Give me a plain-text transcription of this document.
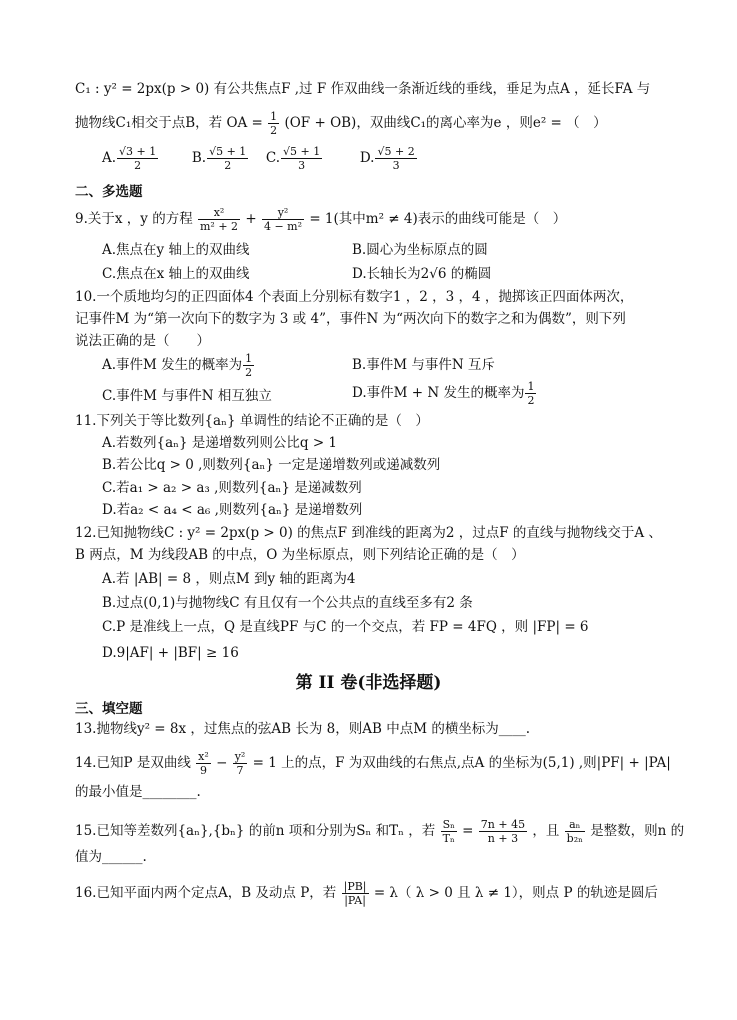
C₁ : y² = 2px(p > 0) 有公共焦点F ,过 F 作双曲线一条渐近线的垂线，垂足为点A ，延长FA 与
抛物线C₁相交于点B，若 OA = $\frac{1}{2} (OF + OB)$，双曲线C₁的离心率为e ，则e² = （　）
A. $\frac{√3 + 1}{2} B$. $\frac{√5 + 1}{2} C$. $\frac{√5 + 1}{3}$	D. $\frac{√5 + 2}{3}$
二、多选题
9.关于x ，y 的方程 $\frac{\text{x²}}{\text{m² + 2}} + \frac{\text{y²}}{\text{4 − m²}} = 1$(其中m² ≠ 4)表示的曲线可能是（　）
A.焦点在y 轴上的双曲线	B.圆心为坐标原点的圆
C.焦点在x 轴上的双曲线	D.长轴长为2√6 的椭圆
10.一个质地均匀的正四面体4 个表面上分别标有数字1 ，2 ，3 ，4 ，抛掷该正四面体两次，
记事件M 为“第一次向下的数字为 3 或 4”，事件N 为“两次向下的数字之和为偶数”，则下列
说法正确的是（　　）
A.事件M 发生的概率为 $\frac{1}{2}$	B.事件M 与事件N 互斥
C.事件M 与事件N 相互独立	D.事件M + N 发生的概率为 $\frac{1}{2}$
11.下列关于等比数列{aₙ} 单调性的结论不正确的是（　）
A.若数列{aₙ} 是递增数列则公比q > 1
B.若公比q > 0 ,则数列{aₙ} 一定是递增数列或递减数列
C.若a₁ > a₂ > a₃ ,则数列{aₙ} 是递减数列
D.若a₂ < a₄ < a₆ ,则数列{aₙ} 是递增数列
12.已知抛物线C : y² = 2px(p > 0) 的焦点F 到准线的距离为2 ，过点F 的直线与抛物线交于A 、
B 两点，M 为线段AB 的中点，O 为坐标原点，则下列结论正确的是（　）
A.若 |AB| = 8 ，则点M 到y 轴的距离为4
B.过点(0,1)与抛物线C 有且仅有一个公共点的直线至多有2 条
C.P 是准线上一点，Q 是直线PF 与C 的一个交点，若 FP = 4FQ ，则 |FP| = 6
D.9|AF| + |BF| ≥ 16
第 II 卷(非选择题)
三、填空题
13.抛物线y² = 8x ，过焦点的弦AB 长为 8，则AB 中点M 的横坐标为____.
14.已知P 是双曲线 $\frac{\text{x²}}{9} - \frac{\text{y²}}{7} = 1$ 上的点，F 为双曲线的右焦点,点A 的坐标为(5,1) ,则|PF| + |PA|
的最小值是________.
15.已知等差数列{aₙ},{bₙ} 的前n 项和分别为Sₙ 和Tₙ ，若 $\frac{\text{Sₙ}}{\text{Tₙ}} = \frac{7n + 45}{n + 3}$ ，且 $\frac{\text{aₙ}}{\text{b₂ₙ}}$ 是整数，则n 的
值为______.
16.已知平面内两个定点A，B 及动点 P，若 $\frac{|PB|}{|PA|} = \lambda$（ λ > 0 且 λ ≠ 1），则点 P 的轨迹是圆后
